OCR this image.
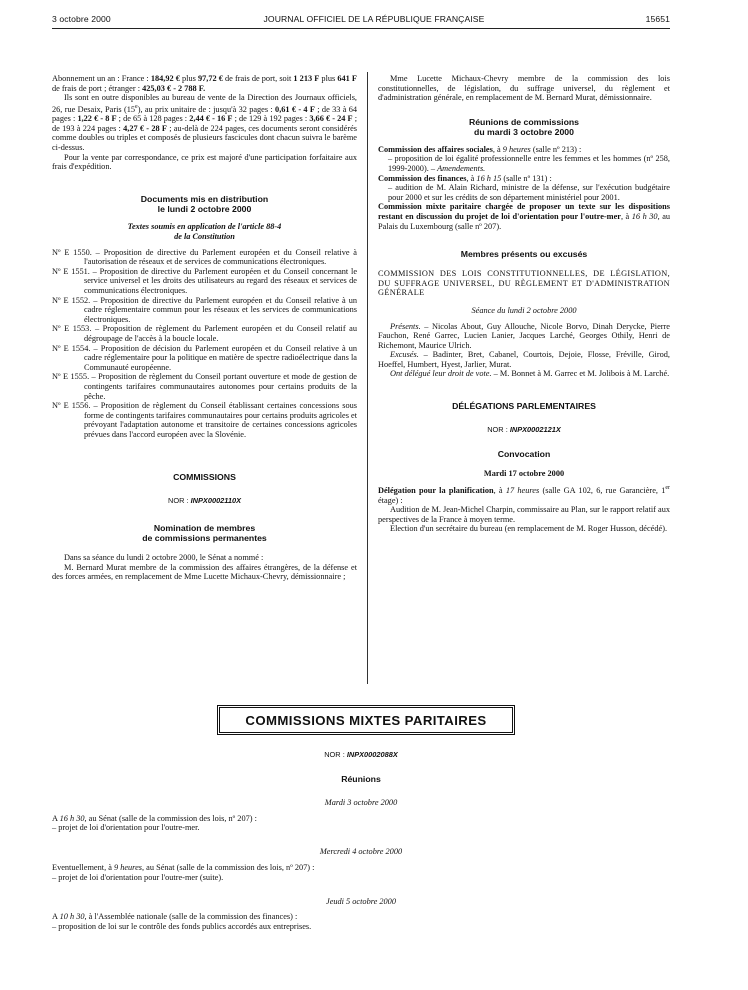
3 octobre 2000	JOURNAL OFFICIEL DE LA RÉPUBLIQUE FRANÇAISE	15651

Abonnement un an : France : 184,92 € plus 97,72 € de frais de port, soit 1 213 F plus 641 F de frais de port ; étranger : 425,03 € - 2 788 F.

Ils sont en outre disponibles au bureau de vente de la Direction des Journaux officiels, 26, rue Desaix, Paris (15e), au prix unitaire de : jusqu'à 32 pages : 0,61 € - 4 F ; de 33 à 64 pages : 1,22 € - 8 F ; de 65 à 128 pages : 2,44 € - 16 F ; de 129 à 192 pages : 3,66 € - 24 F ; de 193 à 224 pages : 4,27 € - 28 F ; au-delà de 224 pages, ces documents seront considérés comme doubles ou triples et composés de plusieurs fascicules dont chacun suivra le barème ci-dessus.

Pour la vente par correspondance, ce prix est majoré d'une participation forfaitaire aux frais d'expédition.

Documents mis en distribution
le lundi 2 octobre 2000
Textes soumis en application de l'article 88-4
de la Constitution

Nº E 1550. – Proposition de directive du Parlement européen et du Conseil relative à l'autorisation de réseaux et de services de communications électroniques.

Nº E 1551. – Proposition de directive du Parlement européen et du Conseil concernant le service universel et les droits des utilisateurs au regard des réseaux et services de communications électroniques.

Nº E 1552. – Proposition de directive du Parlement européen et du Conseil relative à un cadre réglementaire commun pour les réseaux et les services de communications électroniques.

Nº E 1553. – Proposition de règlement du Parlement européen et du Conseil relatif au dégroupage de l'accès à la boucle locale.

Nº E 1554. – Proposition de décision du Parlement européen et du Conseil relative à un cadre réglementaire pour la politique en matière de spectre radioélectrique dans la Communauté européenne.

Nº E 1555. – Proposition de règlement du Conseil portant ouverture et mode de gestion de contingents tarifaires communautaires autonomes pour certains produits de la pêche.

Nº E 1556. – Proposition de règlement du Conseil établissant certaines concessions sous forme de contingents tarifaires communautaires pour certains produits agricoles et prévoyant l'adaptation autonome et transitoire de certaines concessions agricoles prévues dans l'accord européen avec la Slovénie.

COMMISSIONS
NOR : INPX0002110X
Nomination de membres
de commissions permanentes

Dans sa séance du lundi 2 octobre 2000, le Sénat a nommé :

M. Bernard Murat membre de la commission des affaires étrangères, de la défense et des forces armées, en remplacement de Mme Lucette Michaux-Chevry, démissionnaire ;

Mme Lucette Michaux-Chevry membre de la commission des lois constitutionnelles, de législation, du suffrage universel, du règlement et d'administration générale, en remplacement de M. Bernard Murat, démissionnaire.

Réunions de commissions
du mardi 3 octobre 2000

Commission des affaires sociales, à 9 heures (salle nº 213) :

– proposition de loi égalité professionnelle entre les femmes et les hommes (nº 258, 1999-2000). – Amendements.

Commission des finances, à 16 h 15 (salle nº 131) :

– audition de M. Alain Richard, ministre de la défense, sur l'exécution budgétaire pour 2000 et sur les crédits de son département ministériel pour 2001.

Commission mixte paritaire chargée de proposer un texte sur les dispositions restant en discussion du projet de loi d'orientation pour l'outre-mer, à 16 h 30, au Palais du Luxembourg (salle nº 207).

Membres présents ou excusés

COMMISSION DES LOIS CONSTITUTIONNELLES, DE LÉGISLATION, DU SUFFRAGE UNIVERSEL, DU RÈGLEMENT ET D'ADMINISTRATION GÉNÉRALE

Séance du lundi 2 octobre 2000

Présents. – Nicolas About, Guy Allouche, Nicole Borvo, Dinah Derycke, Pierre Fauchon, René Garrec, Lucien Lanier, Jacques Larché, Georges Othily, Henri de Richemont, Maurice Ulrich.

Excusés. – Badinter, Bret, Cabanel, Courtois, Dejoie, Flosse, Fréville, Girod, Hoeffel, Humbert, Hyest, Jarlier, Murat.

Ont délégué leur droit de vote. – M. Bonnet à M. Garrec et M. Jolibois à M. Larché.

DÉLÉGATIONS PARLEMENTAIRES
NOR : INPX0002121X
Convocation

Mardi 17 octobre 2000

Délégation pour la planification, à 17 heures (salle GA 102, 6, rue Garancière, 1er étage) :

Audition de M. Jean-Michel Charpin, commissaire au Plan, sur le rapport relatif aux perspectives de la France à moyen terme.

Election d'un secrétaire du bureau (en remplacement de M. Roger Husson, décédé).

COMMISSIONS MIXTES PARITAIRES
NOR : INPX0002088X
Réunions

Mardi 3 octobre 2000

A 16 h 30, au Sénat (salle de la commission des lois, nº 207) :

– projet de loi d'orientation pour l'outre-mer.

Mercredi 4 octobre 2000

Eventuellement, à 9 heures, au Sénat (salle de la commission des lois, nº 207) :

– projet de loi d'orientation pour l'outre-mer (suite).

Jeudi 5 octobre 2000

A 10 h 30, à l'Assemblée nationale (salle de la commission des finances) :

– proposition de loi sur le contrôle des fonds publics accordés aux entreprises.
